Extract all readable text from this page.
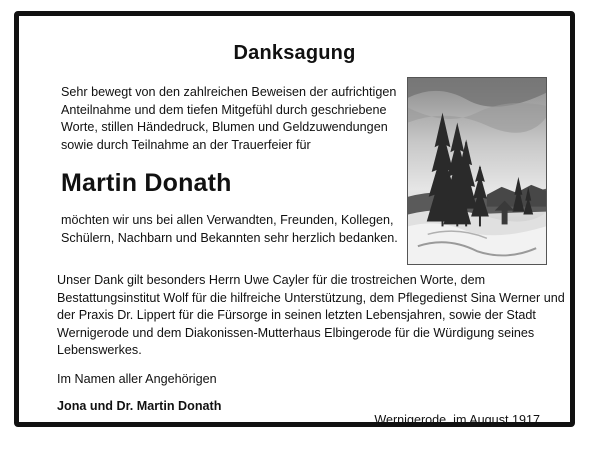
Danksagung

Sehr bewegt von den zahlreichen Beweisen der aufrichtigen Anteilnahme und dem tiefen Mitgefühl durch geschriebene Worte, stillen Händedruck, Blumen und Geldzuwendungen sowie durch Teilnahme an der Trauerfeier für

Martin Donath

möchten wir uns bei allen Verwandten, Freunden, Kollegen, Schülern, Nachbarn und Bekannten sehr herzlich bedanken.

Unser Dank gilt besonders Herrn Uwe Cayler für die trostreichen Worte, dem Bestattungsinstitut Wolf für die hilfreiche Unterstützung, dem Pflegedienst Sina Werner und der Praxis Dr. Lippert für die Fürsorge in seinen letzten Lebensjahren, sowie der Stadt Wernigerode und dem Diakonissen-Mutterhaus Elbingerode für die Würdigung seines Lebenswerkes.

Im Namen aller Angehörigen
Jona und Dr. Martin Donath
Wernigerode, im August 1917
